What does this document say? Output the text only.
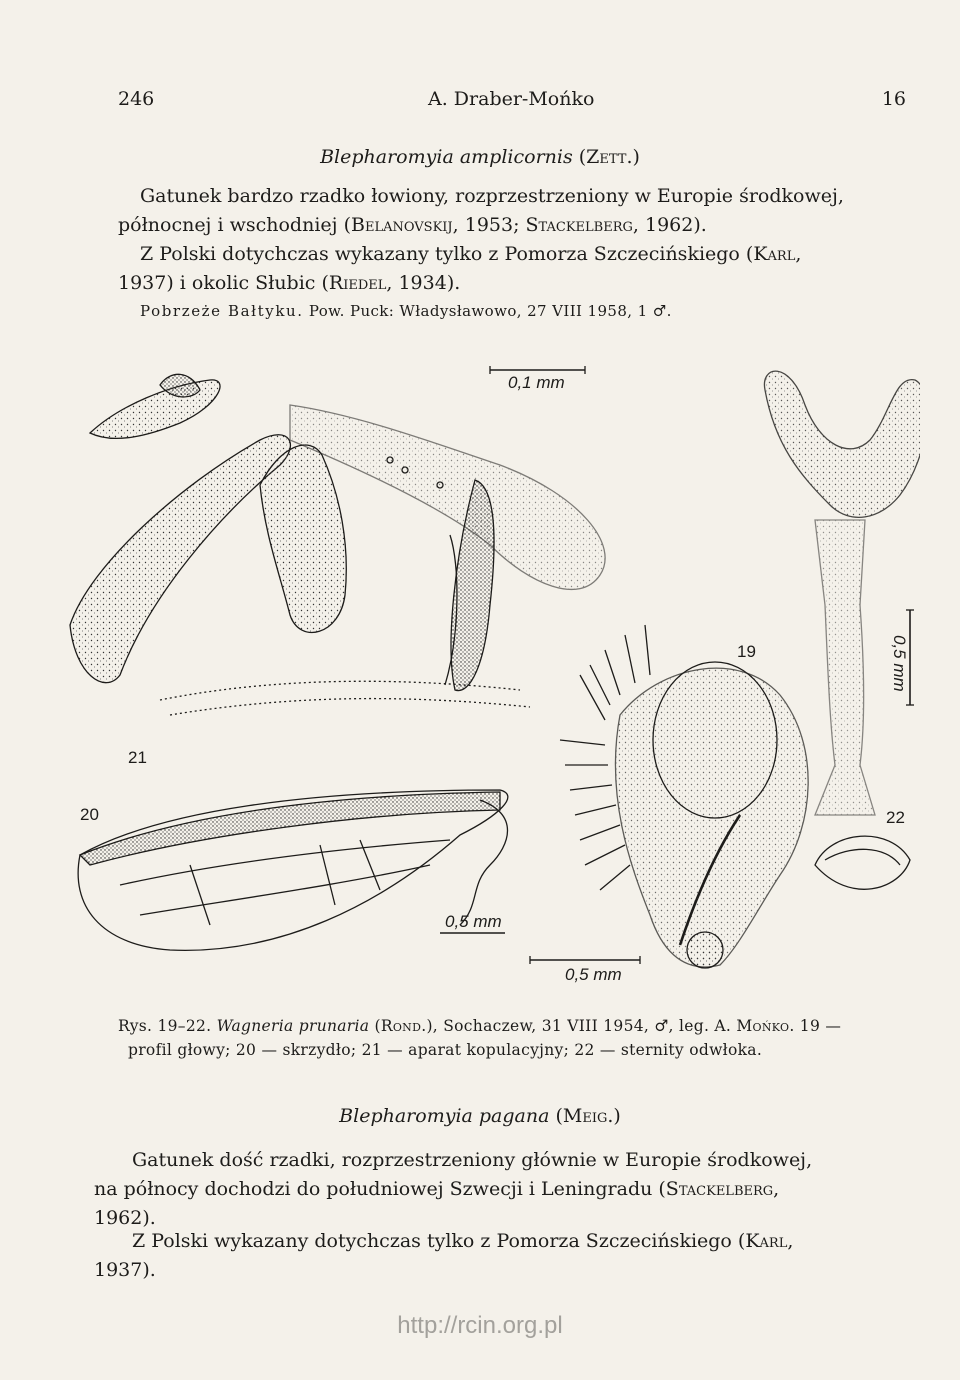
246	A. Draber-Mońko	16
Blepharomyia amplicornis (Zett.)
Gatunek bardzo rzadko łowiony, rozprzestrzeniony w Europie środkowej,
północnej i wschodniej (Belanovskij, 1953; Stackelberg, 1962).
Z Polski dotychczas wykazany tylko z Pomorza Szczecińskiego (Karl,
1937) i okolic Słubic (Riedel, 1934).
Pobrzeże Bałtyku. Pow. Puck: Władysławowo, 27 VIII 1958, 1 ♂.
0,1 mm
19
20
21
22
0,5 mm
0,5 mm
0,5 mm
Rys. 19–22. Wagneria prunaria (Rond.), Sochaczew, 31 VIII 1954, ♂, leg. A. Mońko. 19 —
profil głowy; 20 — skrzydło; 21 — aparat kopulacyjny; 22 — sternity odwłoka.
Blepharomyia pagana (Meig.)
Gatunek dość rzadki, rozprzestrzeniony głównie w Europie środkowej,
na północy dochodzi do południowej Szwecji i Leningradu (Stackelberg,
1962).
Z Polski wykazany dotychczas tylko z Pomorza Szczecińskiego (Karl,
1937).
http://rcin.org.pl
